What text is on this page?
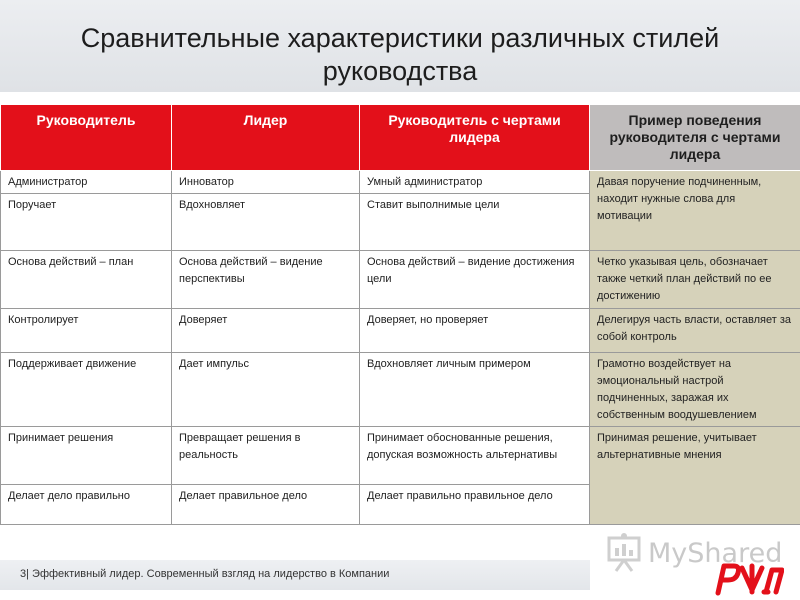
Сравнительные характеристики различных стилей
руководства
Руководитель	Лидер	Руководитель с чертами лидера	Пример поведения руководителя с чертами лидера
Администратор	Инноватор	Умный администратор	Давая поручение подчиненным, находит нужные слова для мотивации
Поручает	Вдохновляет	Ставит выполнимые цели	
Основа действий – план	Основа действий – видение перспективы	Основа действий – видение достижения цели	Четко указывая цель, обозначает также четкий план действий по ее достижению
Контролирует	Доверяет	Доверяет, но проверяет	Делегируя часть власти, оставляет за собой контроль
Поддерживает движение	Дает импульс	Вдохновляет личным примером	Грамотно воздействует на эмоциональный настрой подчиненных, заражая их собственным воодушевлением
Принимает решения	Превращает решения в реальность	Принимает обоснованные решения, допуская возможность альтернативы	Принимая решение, учитывает альтернативные мнения
Делает дело правильно	Делает правильное дело	Делает правильно правильное дело	
3| Эффективный лидер. Современный взгляд на лидерство в Компании
MyShared
